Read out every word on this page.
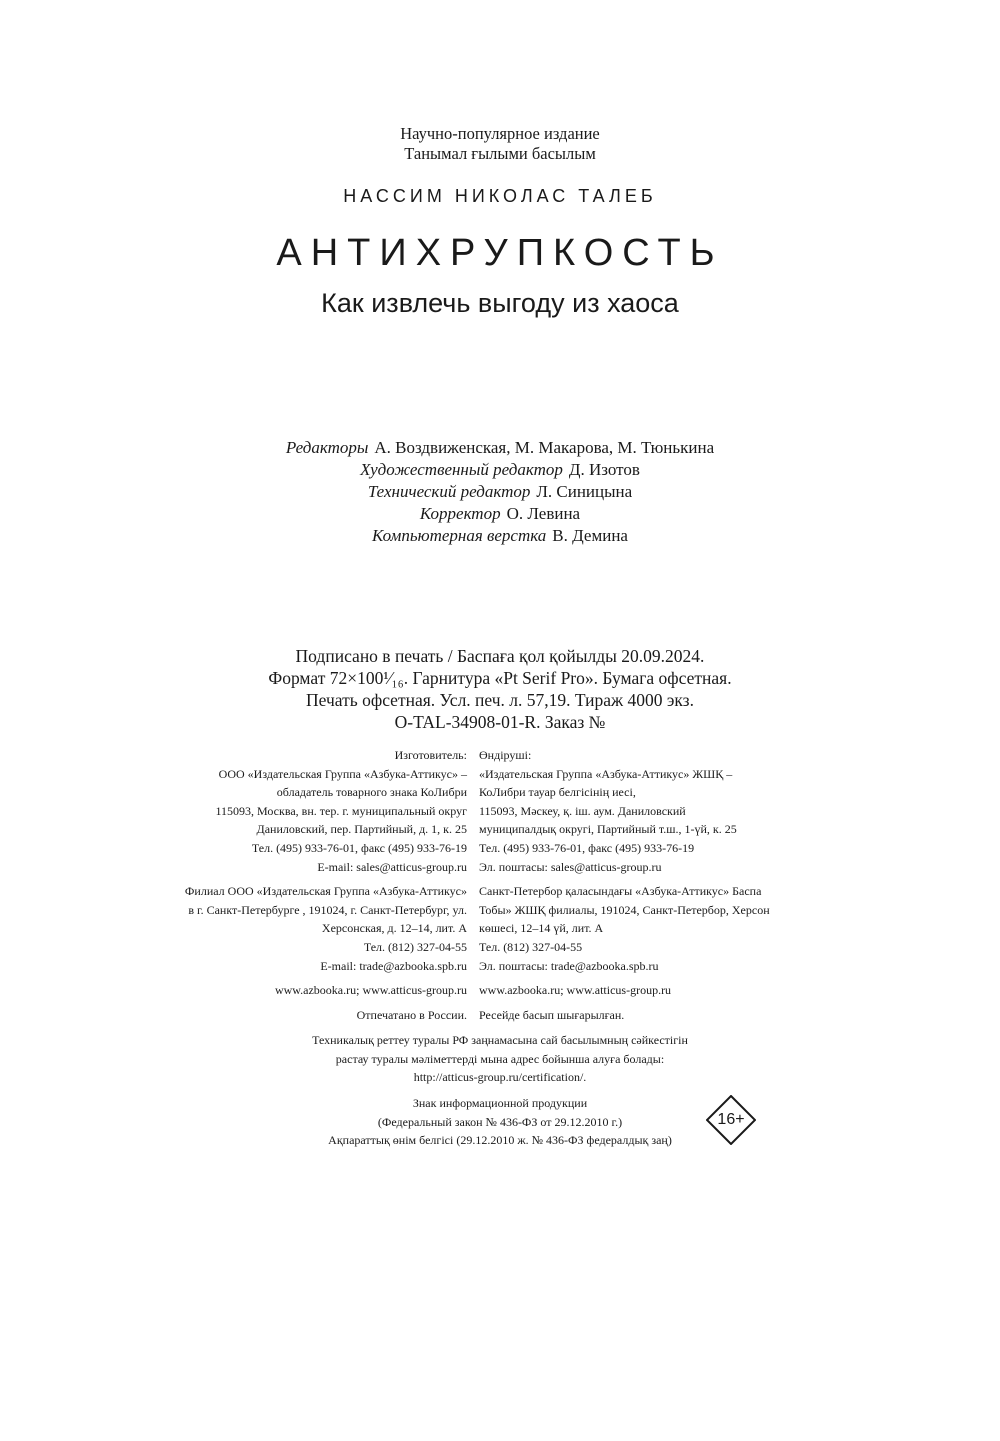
Научно-популярное издание
Танымал ғылыми басылым
НАССИМ НИКОЛАС ТАЛЕБ
АНТИХРУПКОСТЬ
Как извлечь выгоду из хаоса
Редакторы А. Воздвиженская, М. Макарова, М. Тюнькина
Художественный редактор Д. Изотов
Технический редактор Л. Синицына
Корректор О. Левина
Компьютерная верстка В. Демина
Подписано в печать / Баспаға қол қойылды 20.09.2024.
Формат 72×100¹⁄₁₆. Гарнитура «Pt Serif Pro». Бумага офсетная.
Печать офсетная. Усл. печ. л. 57,19. Тираж 4000 экз.
O-TAL-34908-01-R. Заказ №
Изготовитель:	Өндіруші:
ООО «Издательская Группа «Азбука-Аттикус» –	«Издательская Группа «Азбука-Аттикус» ЖШҚ –
обладатель товарного знака КоЛибри	КоЛибри тауар белгісінің иесі,
115093, Москва, вн. тер. г. муниципальный округ	115093, Мәскеу, қ. іш. аум. Даниловский
Даниловский, пер. Партийный, д. 1, к. 25	муниципалдық округі, Партийный т.ш., 1-үй, к. 25
Тел. (495) 933-76-01, факс (495) 933-76-19	Тел. (495) 933-76-01, факс (495) 933-76-19
E-mail: sales@atticus-group.ru	Эл. поштасы: sales@atticus-group.ru
Филиал ООО «Издательская Группа «Азбука-Аттикус»	Санкт-Петербор қаласындағы «Азбука-Аттикус» Баспа
в г. Санкт-Петербурге , 191024, г. Санкт-Петербург, ул.	Тобы» ЖШҚ филиалы, 191024, Санкт-Петербор, Херсон
Херсонская, д. 12–14, лит. А	көшесі, 12–14 үй, лит. А
Тел. (812) 327-04-55	Тел. (812) 327-04-55
E-mail: trade@azbooka.spb.ru	Эл. поштасы: trade@azbooka.spb.ru
www.azbooka.ru; www.atticus-group.ru	www.azbooka.ru; www.atticus-group.ru
Отпечатано в России.	Ресейде басып шығарылған.
Техникалық реттеу туралы РФ заңнамасына сай басылымның сәйкестігін
растау туралы мәліметтерді мына адрес бойынша алуға болады:
http://atticus-group.ru/certification/.
Знак информационной продукции
(Федеральный закон № 436-ФЗ от 29.12.2010 г.)
Ақпараттық өнім белгісі (29.12.2010 ж. № 436-ФЗ федералдық заң)
16+
